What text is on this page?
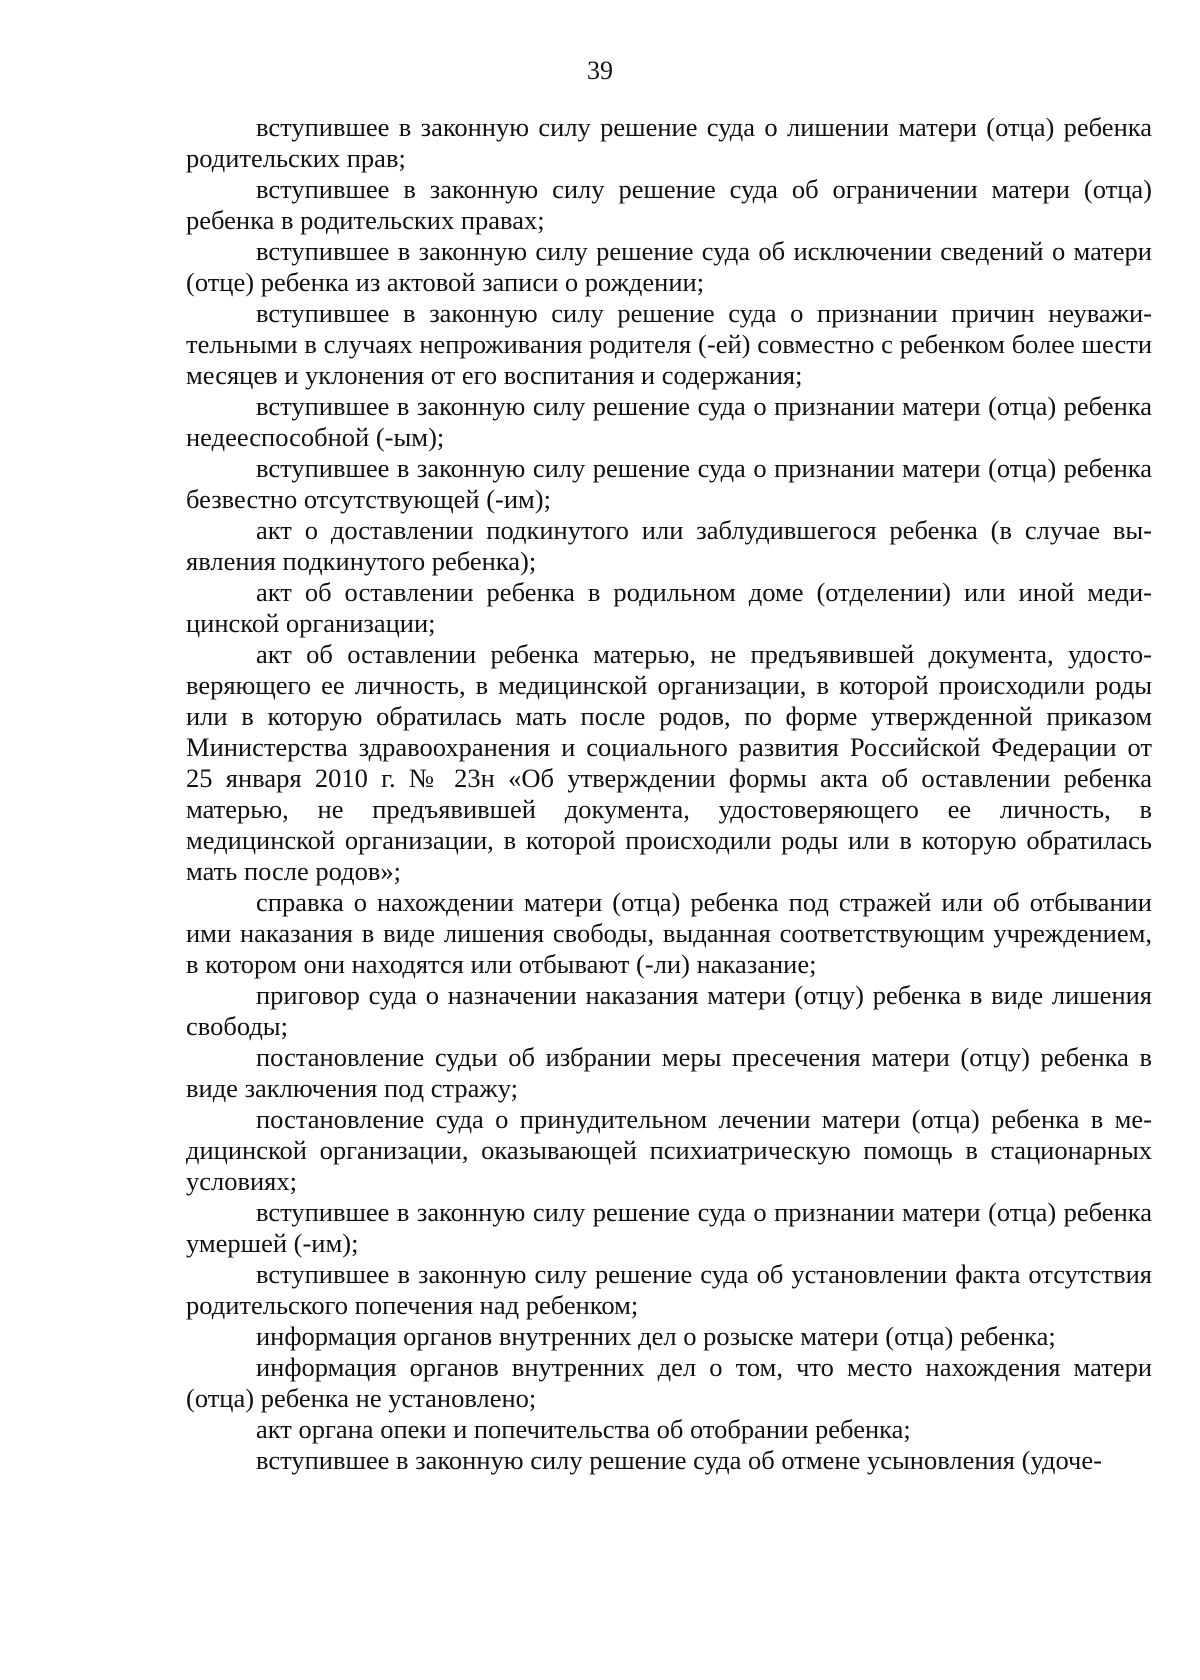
39

вступившее в законную силу решение суда о лишении матери (отца) ребенка родительских прав;

вступившее в законную силу решение суда об ограничении матери (отца) ребенка в родительских правах;

вступившее в законную силу решение суда об исключении сведений о матери (отце) ребенка из актовой записи о рождении;

вступившее в законную силу решение суда о признании причин неуважительными в случаях непроживания родителя (-ей) совместно с ребенком более шести месяцев и уклонения от его воспитания и содержания;

вступившее в законную силу решение суда о признании матери (отца) ребенка недееспособной (-ым);

вступившее в законную силу решение суда о признании матери (отца) ребенка безвестно отсутствующей (-им);

акт о доставлении подкинутого или заблудившегося ребенка (в случае выявления подкинутого ребенка);

акт об оставлении ребенка в родильном доме (отделении) или иной медицинской организации;

акт об оставлении ребенка матерью, не предъявившей документа, удостоверяющего ее личность, в медицинской организации, в которой происходили роды или в которую обратилась мать после родов, по форме утвержденной приказом Министерства здравоохранения и социального развития Российской Федерации от 25 января 2010 г. № 23н «Об утверждении формы акта об оставлении ребенка матерью, не предъявившей документа, удостоверяющего ее личность, в медицинской организации, в которой происходили роды или в которую обратилась мать после родов»;

справка о нахождении матери (отца) ребенка под стражей или об отбывании ими наказания в виде лишения свободы, выданная соответствующим учреждением, в котором они находятся или отбывают (-ли) наказание;

приговор суда о назначении наказания матери (отцу) ребенка в виде лишения свободы;

постановление судьи об избрании меры пресечения матери (отцу) ребенка в виде заключения под стражу;

постановление суда о принудительном лечении матери (отца) ребенка в медицинской организации, оказывающей психиатрическую помощь в стационарных условиях;

вступившее в законную силу решение суда о признании матери (отца) ребенка умершей (-им);

вступившее в законную силу решение суда об установлении факта отсутствия родительского попечения над ребенком;

информация органов внутренних дел о розыске матери (отца) ребенка;

информация органов внутренних дел о том, что место нахождения матери (отца) ребенка не установлено;

акт органа опеки и попечительства об отобрании ребенка;

вступившее в законную силу решение суда об отмене усыновления (удоче-
